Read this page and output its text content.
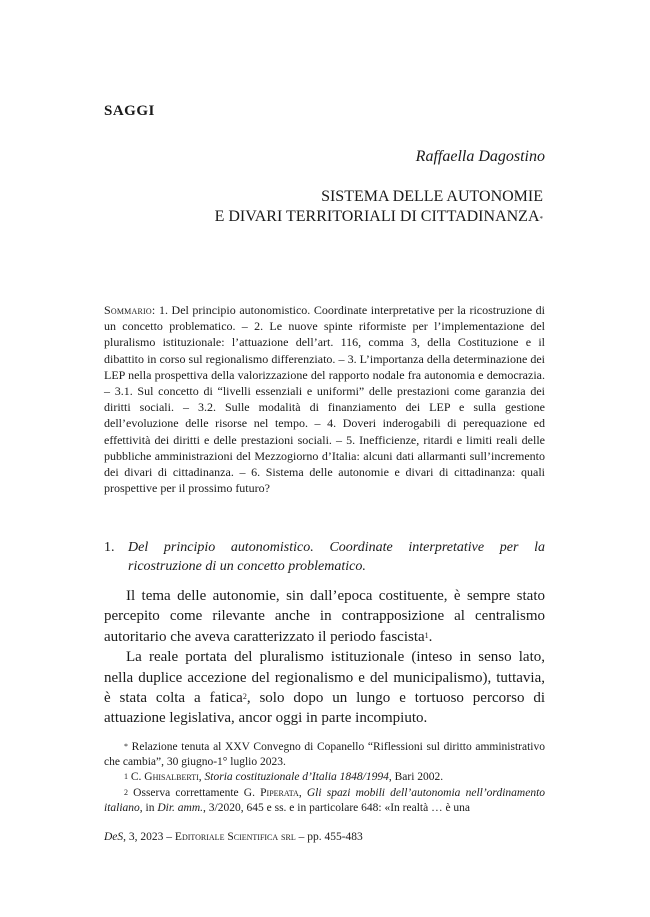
SAGGI
Raffaella Dagostino
SISTEMA DELLE AUTONOMIE
E DIVARI TERRITORIALI DI CITTADINANZA*
Sommario: 1. Del principio autonomistico. Coordinate interpretative per la ricostruzione di un concetto problematico. – 2. Le nuove spinte riformiste per l’implementazione del pluralismo istituzionale: l’attuazione dell’art. 116, comma 3, della Costituzione e il dibattito in corso sul regionalismo differenziato. – 3. L’importanza della determinazione dei LEP nella prospettiva della valorizzazione del rapporto nodale fra autonomia e democrazia. – 3.1. Sul concetto di “livelli essenziali e uniformi” delle prestazioni come garanzia dei diritti sociali. – 3.2. Sulle modalità di finanziamento dei LEP e sulla gestione dell’evoluzione delle risorse nel tempo. – 4. Doveri inderogabili di perequazione ed effettività dei diritti e delle prestazioni sociali. – 5. Inefficienze, ritardi e limiti reali delle pubbliche amministrazioni del Mezzogiorno d’Italia: alcuni dati allarmanti sull’incremento dei divari di cittadinanza. – 6. Sistema delle autonomie e divari di cittadinanza: quali prospettive per il prossimo futuro?
1. Del principio autonomistico. Coordinate interpretative per la ricostruzione di un concetto problematico.

Il tema delle autonomie, sin dall’epoca costituente, è sempre stato percepito come rilevante anche in contrapposizione al centralismo autoritario che aveva caratterizzato il periodo fascista$^1$.

La reale portata del pluralismo istituzionale (inteso in senso lato, nella duplice accezione del regionalismo e del municipalismo), tuttavia, è stata colta a fatica$^2$, solo dopo un lungo e tortuoso percorso di attuazione legislativa, ancor oggi in parte incompiuto.

* Relazione tenuta al XXV Convegno di Copanello “Riflessioni sul diritto amministrativo che cambia”, 30 giugno-1° luglio 2023.

$^1$ C. Ghisalberti, Storia costituzionale d’Italia 1848/1994, Bari 2002.

$^2$ Osserva correttamente G. Piperata, Gli spazi mobili dell’autonomia nell’ordinamento italiano, in Dir. amm., 3/2020, 645 e ss. e in particolare 648: «In realtà … è una

DeS, 3, 2023 – Editoriale Scientifica srl – pp. 455-483
